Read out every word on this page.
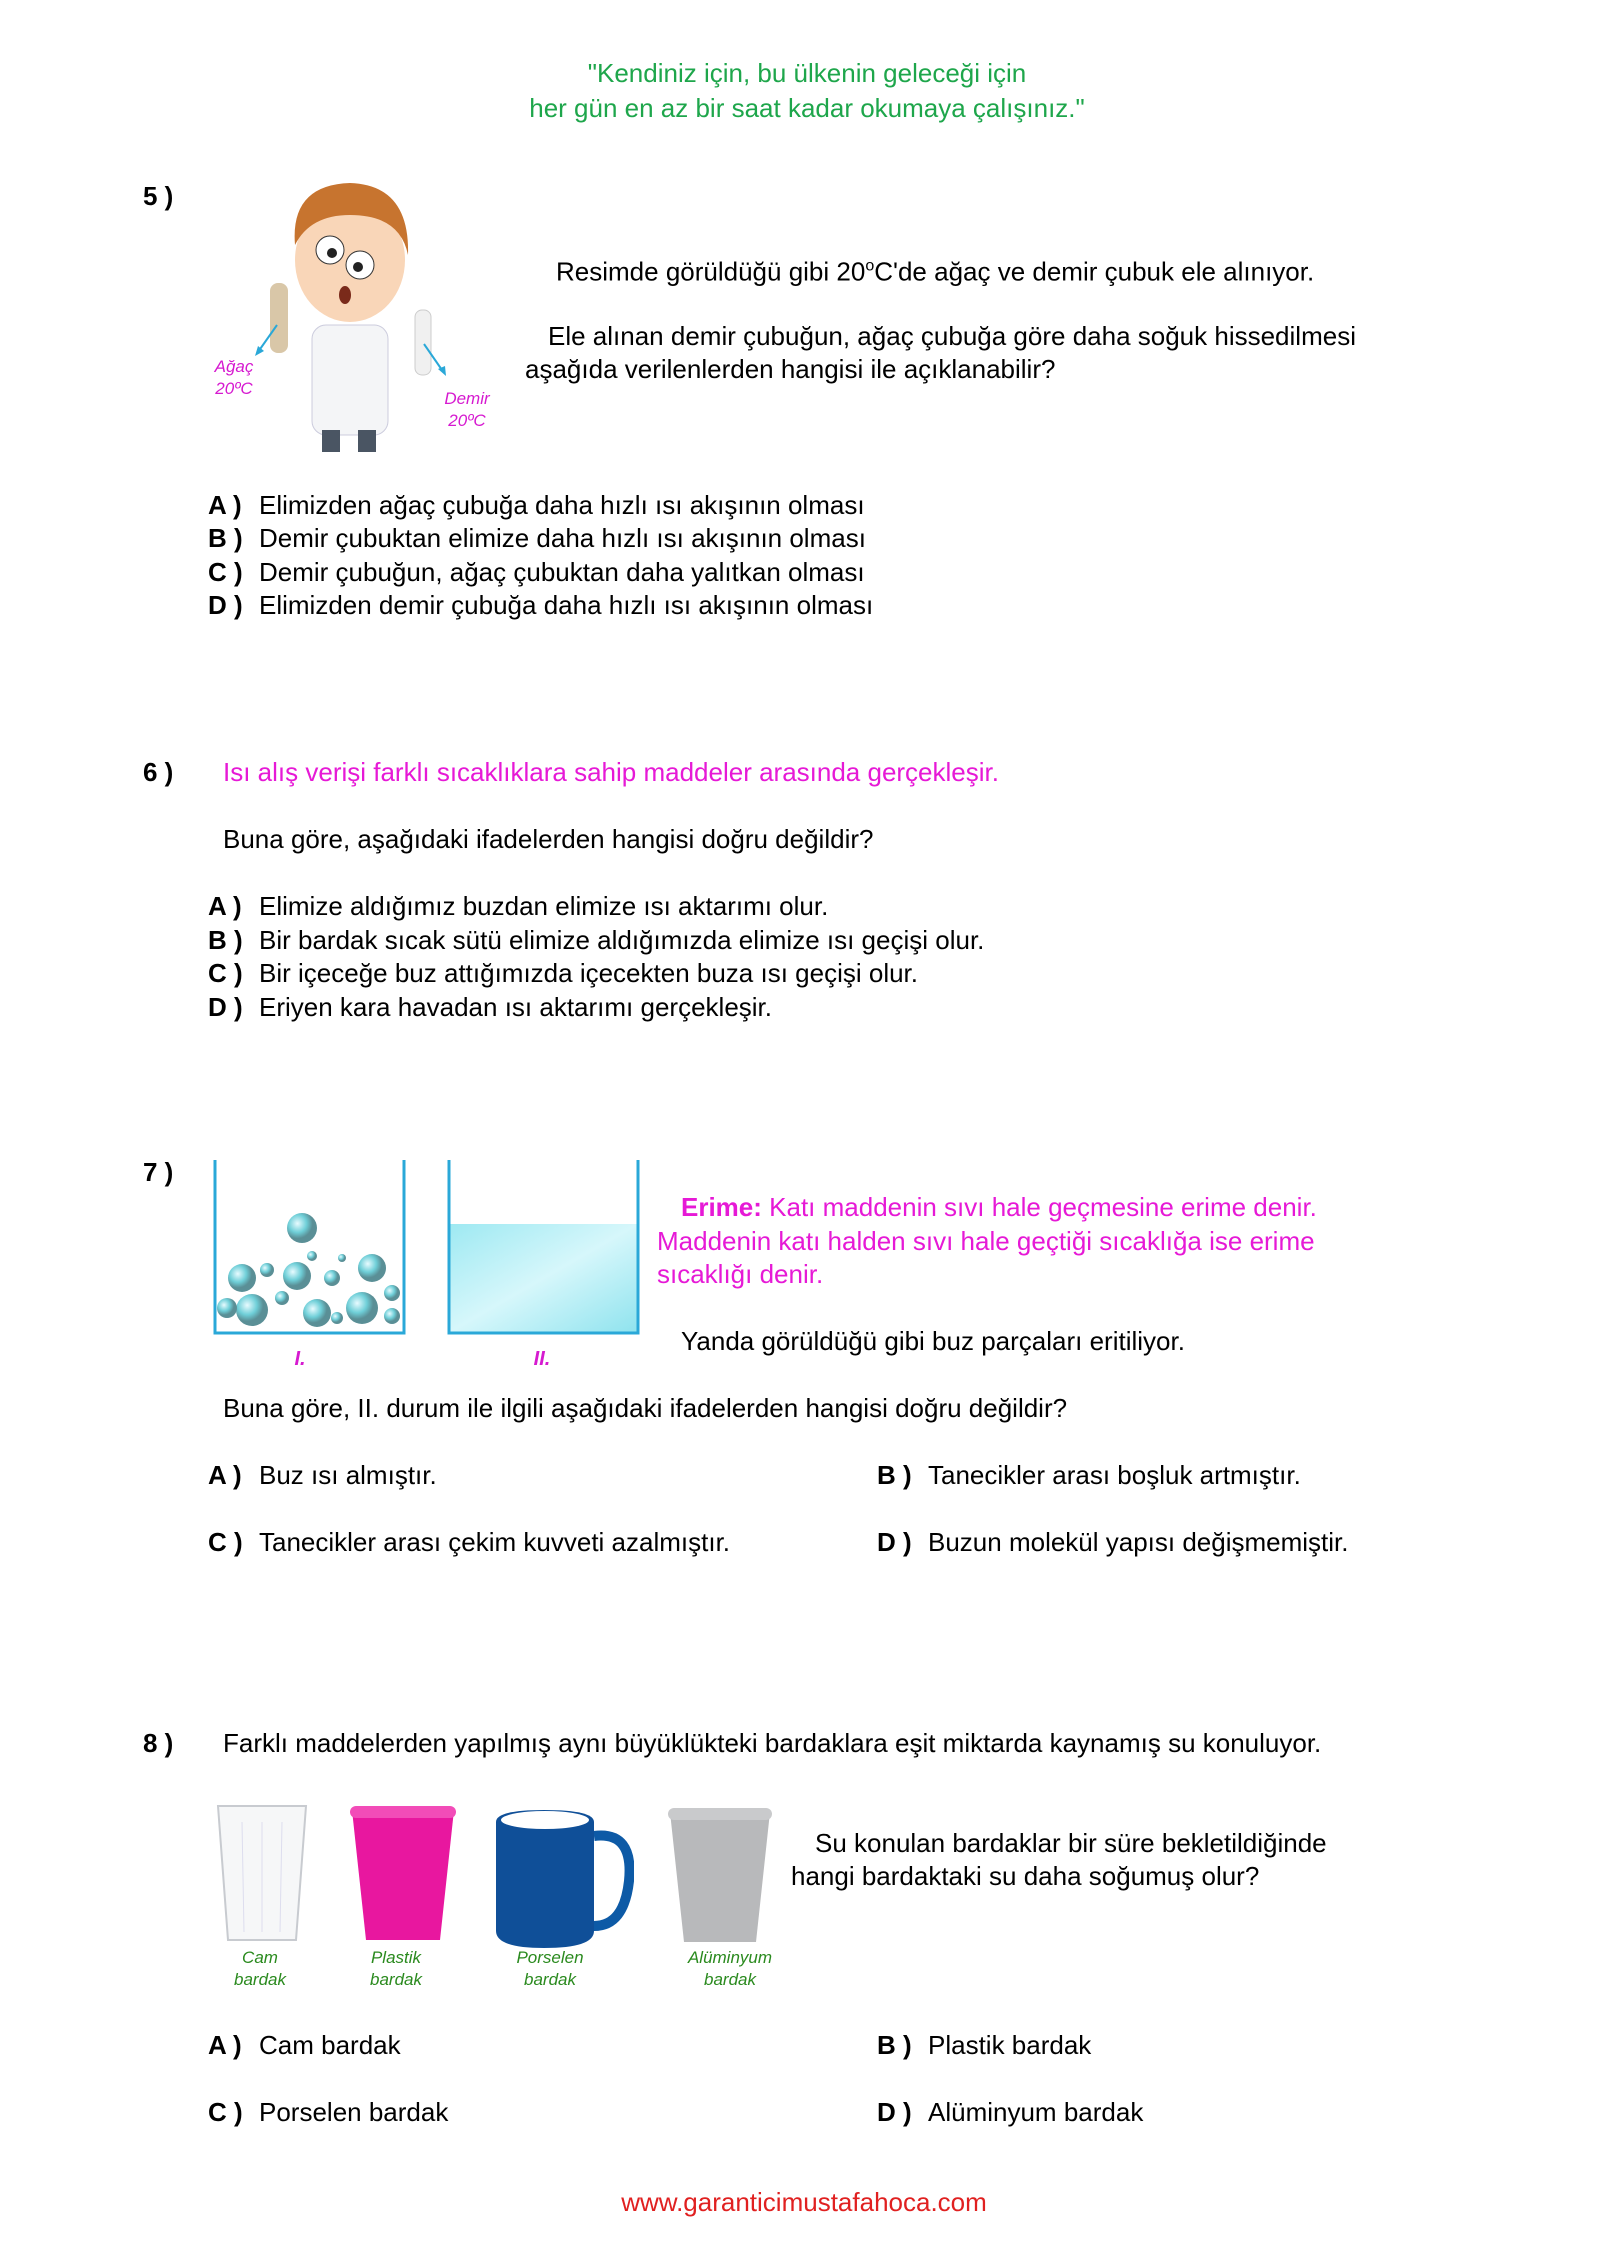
"Kendiniz için, bu ülkenin geleceği için
her gün en az bir saat kadar okumaya çalışınız."
5 )
Ağaç
20ºC
Demir
20ºC
Resimde görüldüğü gibi 20$^o$C'de ağaç ve demir çubuk ele alınıyor.
Ele alınan demir çubuğun, ağaç çubuğa göre daha soğuk hissedilmesi
aşağıda verilenlerden hangisi ile açıklanabilir?
A ) Elimizden ağaç çubuğa daha hızlı ısı akışının olması
B ) Demir çubuktan elimize daha hızlı ısı akışının olması
C ) Demir çubuğun, ağaç çubuktan daha yalıtkan olması
D ) Elimizden demir çubuğa daha hızlı ısı akışının olması
6 ) Isı alış verişi farklı sıcaklıklara sahip maddeler arasında gerçekleşir.
Buna göre, aşağıdaki ifadelerden hangisi doğru değildir?
A ) Elimize aldığımız buzdan elimize ısı aktarımı olur.
B ) Bir bardak sıcak sütü elimize aldığımızda elimize ısı geçişi olur.
C ) Bir içeceğe buz attığımızda içecekten buza ısı geçişi olur.
D ) Eriyen kara havadan ısı aktarımı gerçekleşir.
7 )
I.	II.
Erime: Katı maddenin sıvı hale geçmesine erime denir.
Maddenin katı halden sıvı hale geçtiği sıcaklığa ise erime
sıcaklığı denir.
Yanda görüldüğü gibi buz parçaları eritiliyor.
Buna göre, II. durum ile ilgili aşağıdaki ifadelerden hangisi doğru değildir?
A ) Buz ısı almıştır.	B ) Tanecikler arası boşluk artmıştır.
C ) Tanecikler arası çekim kuvveti azalmıştır.	D ) Buzun molekül yapısı değişmemiştir.
8 ) Farklı maddelerden yapılmış aynı büyüklükteki bardaklara eşit miktarda kaynamış su konuluyor.
Cam
bardak
Plastik
bardak
Porselen
bardak
Alüminyum
bardak
Su konulan bardaklar bir süre bekletildiğinde
hangi bardaktaki su daha soğumuş olur?
A ) Cam bardak	B ) Plastik bardak
C ) Porselen bardak	D ) Alüminyum bardak
www.garanticimustafahoca.com
